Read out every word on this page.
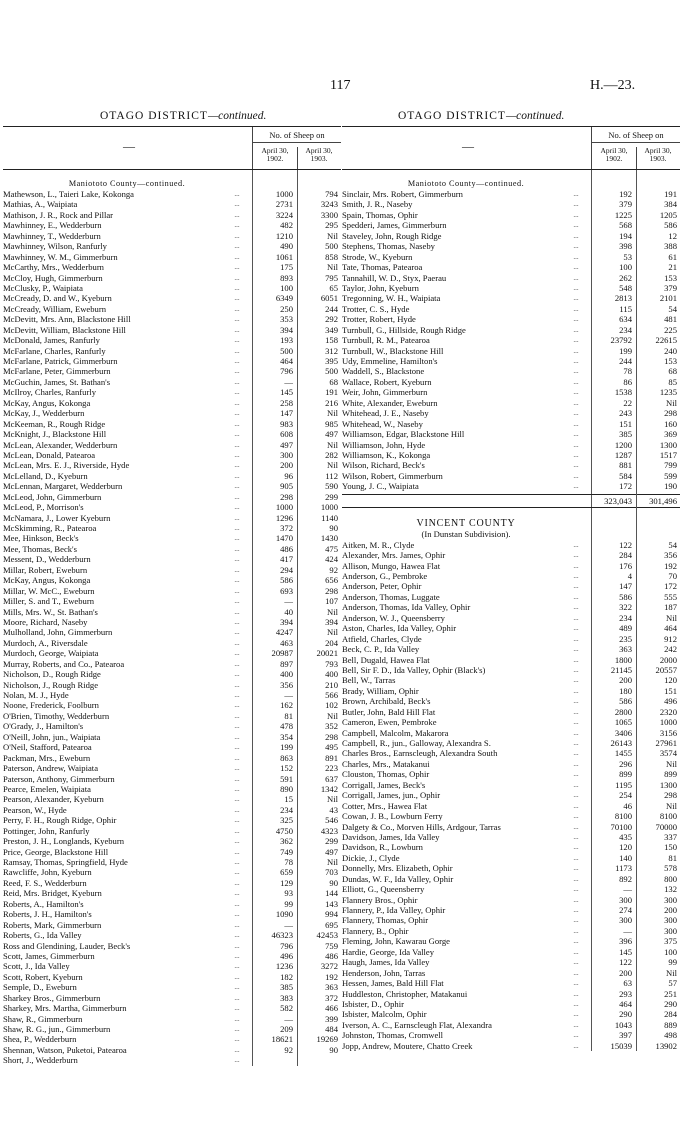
117	H.—23.
OTAGO DISTRICT—continued.	OTAGO DISTRICT—continued.
—
No. of Sheep on
April 30,
1902.
April 30,
1903.
Maniototo County—continued.
Mathewson, L., Taieri Lake, Kokonga	...	1000	794
Mathias, A., Waipiata	...	2731	3243
Mathison, J. R., Rock and Pillar	...	3224	3300
Mawhinney, E., Wedderburn	...	482	295
Mawhinney, T., Wedderburn	...	1210	Nil
Mawhinney, Wilson, Ranfurly	...	490	500
Mawhinney, W. M., Gimmerburn	...	1061	858
McCarthy, Mrs., Wedderburn	...	175	Nil
McCloy, Hugh, Gimmerburn	...	893	795
McClusky, P., Waipiata	...	100	65
McCready, D. and W., Kyeburn	...	6349	6051
McCready, William, Eweburn	...	250	244
McDevitt, Mrs. Ann, Blackstone Hill	...	353	292
McDevitt, William, Blackstone Hill	...	394	349
McDonald, James, Ranfurly	...	193	158
McFarlane, Charles, Ranfurly	...	500	312
McFarlane, Patrick, Gimmerburn	...	464	395
McFarlane, Peter, Gimmerburn	...	796	500
McGuchin, James, St. Bathan's	...	—	68
McIlroy, Charles, Ranfurly	...	145	191
McKay, Angus, Kokonga	...	258	216
McKay, J., Wedderburn	...	147	Nil
McKeeman, R., Rough Ridge	...	983	985
McKnight, J., Blackstone Hill	...	608	497
McLean, Alexander, Wedderburn	...	497	Nil
McLean, Donald, Patearoa	...	300	282
McLean, Mrs. E. J., Riverside, Hyde	...	200	Nil
McLelland, D., Kyeburn	...	96	112
McLennan, Margaret, Wedderburn	...	905	590
McLeod, John, Gimmerburn	...	298	299
McLeod, P., Morrison's	...	1000	1000
McNamara, J., Lower Kyeburn	...	1296	1140
McSkimming, R., Patearoa	...	372	90
Mee, Hinkson, Beck's	...	1470	1430
Mee, Thomas, Beck's	...	486	475
Messent, D., Wedderburn	...	417	424
Millar, Robert, Eweburn	...	294	92
McKay, Angus, Kokonga	...	586	656
Millar, W. McC., Eweburn	...	693	298
Miller, S. and T., Eweburn	...	—	107
Mills, Mrs. W., St. Bathan's	...	40	Nil
Moore, Richard, Naseby	...	394	394
Mulholland, John, Gimmerburn	...	4247	Nil
Murdoch, A., Riversdale	...	463	204
Murdoch, George, Waipiata	...	20987	20021
Murray, Roberts, and Co., Patearoa	...	897	793
Nicholson, D., Rough Ridge	...	400	400
Nicholson, J., Rough Ridge	...	356	210
Nolan, M. J., Hyde	...	—	566
Noone, Frederick, Foolburn	...	162	102
O'Brien, Timothy, Wedderburn	...	81	Nil
O'Grady, J., Hamilton's	...	478	352
O'Neill, John, jun., Waipiata	...	354	298
O'Neil, Stafford, Patearoa	...	199	495
Packman, Mrs., Eweburn	...	863	891
Paterson, Andrew, Waipiata	...	152	223
Paterson, Anthony, Gimmerburn	...	591	637
Pearce, Emelen, Waipiata	...	890	1342
Pearson, Alexander, Kyeburn	...	15	Nil
Pearson, W., Hyde	...	234	43
Perry, F. H., Rough Ridge, Ophir	...	325	546
Pottinger, John, Ranfurly	...	4750	4323
Preston, J. H., Longlands, Kyeburn	...	362	299
Price, George, Blackstone Hill	...	749	497
Ramsay, Thomas, Springfield, Hyde	...	78	Nil
Rawcliffe, John, Kyeburn	...	659	703
Reed, F. S., Wedderburn	...	129	90
Reid, Mrs. Bridget, Kyeburn	...	93	144
Roberts, A., Hamilton's	...	99	143
Roberts, J. H., Hamilton's	...	1090	994
Roberts, Mark, Gimmerburn	...	—	695
Roberts, G., Ida Valley	...	46323	42453
Ross and Glendining, Lauder, Beck's	...	796	759
Scott, James, Gimmerburn	...	496	486
Scott, J., Ida Valley	...	1236	3272
Scott, Robert, Kyeburn	...	182	192
Semple, D., Eweburn	...	385	363
Sharkey Bros., Gimmerburn	...	383	372
Sharkey, Mrs. Martha, Gimmerburn	...	582	466
Shaw, R., Gimmerburn	...	—	399
Shaw, R. G., jun., Gimmerburn	...	209	484
Shea, P., Wedderburn	...	18621	19269
Shennan, Watson, Puketoi, Patearoa	...	92	90
Short, J., Wedderburn	...
—
No. of Sheep on
April 30,
1902.
April 30,
1903.
Maniototo County—continued.
Sinclair, Mrs. Robert, Gimmerburn	...	192	191
Smith, J. R., Naseby	...	379	384
Spain, Thomas, Ophir	...	1225	1205
Spedderi, James, Gimmerburn	...	568	586
Staveley, John, Rough Ridge	...	194	12
Stephens, Thomas, Naseby	...	398	388
Strode, W., Kyeburn	...	53	61
Tate, Thomas, Patearoa	...	100	21
Tannahill, W. D., Styx, Paerau	...	262	153
Taylor, John, Kyeburn	...	548	379
Tregonning, W. H., Waipiata	...	2813	2101
Trotter, C. S., Hyde	...	115	54
Trotter, Robert, Hyde	...	634	481
Turnbull, G., Hillside, Rough Ridge	...	234	225
Turnbull, R. M., Patearoa	...	23792	22615
Turnbull, W., Blackstone Hill	...	199	240
Udy, Emmeline, Hamilton's	...	244	153
Waddell, S., Blackstone	...	78	68
Wallace, Robert, Kyeburn	...	86	85
Weir, John, Gimmerburn	...	1538	1235
White, Alexander, Eweburn	...	22	Nil
Whitehead, J. E., Naseby	...	243	298
Whitehead, W., Naseby	...	151	160
Williamson, Edgar, Blackstone Hill	...	385	369
Williamson, John, Hyde	...	1200	1300
Williamson, K., Kokonga	...	1287	1517
Wilson, Richard, Beck's	...	881	799
Wilson, Robert, Gimmerburn	...	584	599
Young, J. C., Waipiata	...	172	190
323,043	301,496
VINCENT COUNTY
(In Dunstan Subdivision).
Aitken, M. R., Clyde	...	122	54
Alexander, Mrs. James, Ophir	...	284	356
Allison, Mungo, Hawea Flat	...	176	192
Anderson, G., Pembroke	...	4	70
Anderson, Peter, Ophir	...	147	172
Anderson, Thomas, Luggate	...	586	555
Anderson, Thomas, Ida Valley, Ophir	...	322	187
Anderson, W. J., Queensberry	...	234	Nil
Aston, Charles, Ida Valley, Ophir	...	489	464
Atfield, Charles, Clyde	...	235	912
Beck, C. P., Ida Valley	...	363	242
Bell, Dugald, Hawea Flat	...	1800	2000
Bell, Sir F. D., Ida Valley, Ophir (Black's)	...	21145	20557
Bell, W., Tarras	...	200	120
Brady, William, Ophir	...	180	151
Brown, Archibald, Beck's	...	586	496
Butler, John, Bald Hill Flat	...	2800	2320
Cameron, Ewen, Pembroke	...	1065	1000
Campbell, Malcolm, Makarora	...	3406	3156
Campbell, R., jun., Galloway, Alexandra S.	...	26143	27961
Charles Bros., Earnscleugh, Alexandra South	...	1455	3574
Charles, Mrs., Matakanui	...	296	Nil
Clouston, Thomas, Ophir	...	899	899
Corrigall, James, Beck's	...	1195	1300
Corrigall, James, jun., Ophir	...	254	298
Cotter, Mrs., Hawea Flat	...	46	Nil
Cowan, J. B., Lowburn Ferry	...	8100	8100
Dalgety & Co., Morven Hills, Ardgour, Tarras	...	70100	70000
Davidson, James, Ida Valley	...	435	337
Davidson, R., Lowburn	...	120	150
Dickie, J., Clyde	...	140	81
Donnelly, Mrs. Elizabeth, Ophir	...	1173	578
Dundas, W. F., Ida Valley, Ophir	...	892	800
Elliott, G., Queensberry	...	—	132
Flannery Bros., Ophir	...	300	300
Flannery, P., Ida Valley, Ophir	...	274	200
Flannery, Thomas, Ophir	...	300	300
Flannery, B., Ophir	...	—	300
Fleming, John, Kawarau Gorge	...	396	375
Hardie, George, Ida Valley	...	145	100
Haugh, James, Ida Valley	...	122	99
Henderson, John, Tarras	...	200	Nil
Hessen, James, Bald Hill Flat	...	63	57
Huddleston, Christopher, Matakanui	...	293	251
Isbister, D., Ophir	...	464	290
Isbister, Malcolm, Ophir	...	290	284
Iverson, A. C., Earnscleugh Flat, Alexandra	...	1043	889
Johnston, Thomas, Cromwell	...	397	498
Jopp, Andrew, Moutere, Chatto Creek	...	15039	13902
